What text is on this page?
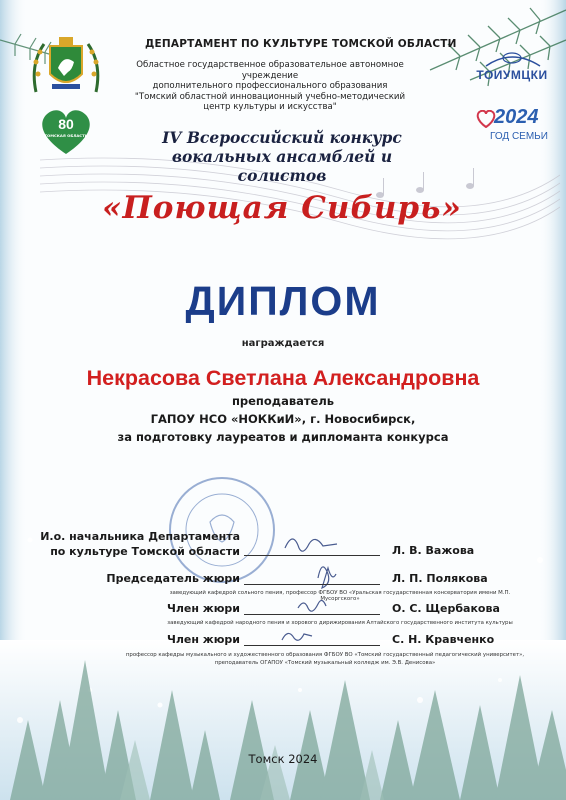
80
ТОМСКАЯ ОБЛАСТЬ
ТОИУМЦКИ
2024
ГОД СЕМЬИ
ДЕПАРТАМЕНТ ПО КУЛЬТУРЕ ТОМСКОЙ ОБЛАСТИ
Областное государственное образовательное автономное учреждение
дополнительного профессионального образования
"Томский областной инновационный учебно-методический
центр культуры и искусства"
IV Всероссийский конкурс
вокальных ансамблей и солистов
«Поющая Сибирь»
ДИПЛОМ
награждается
Некрасова Светлана Александровна
преподаватель
ГАПОУ НСО «НОККиИ», г. Новосибирск,
за подготовку лауреатов и дипломанта конкурса
И.о. начальника Департамента
по культуре Томской области	Л. В. Важова
Председатель жюри	Л. П. Полякова
заведующий кафедрой сольного пения, профессор ФГБОУ ВО «Уральская государственная консерватория имени М.П. Мусоргского»
Член жюри	О. С. Щербакова
заведующий кафедрой народного пения и хорового дирижирования Алтайского государственного института культуры
Член жюри	С. Н. Кравченко
профессор кафедры музыкального и художественного образования ФГБОУ ВО «Томский государственный педагогический университет»,
преподаватель ОГАПОУ «Томский музыкальный колледж им. Э.В. Денисова»
Томск 2024
